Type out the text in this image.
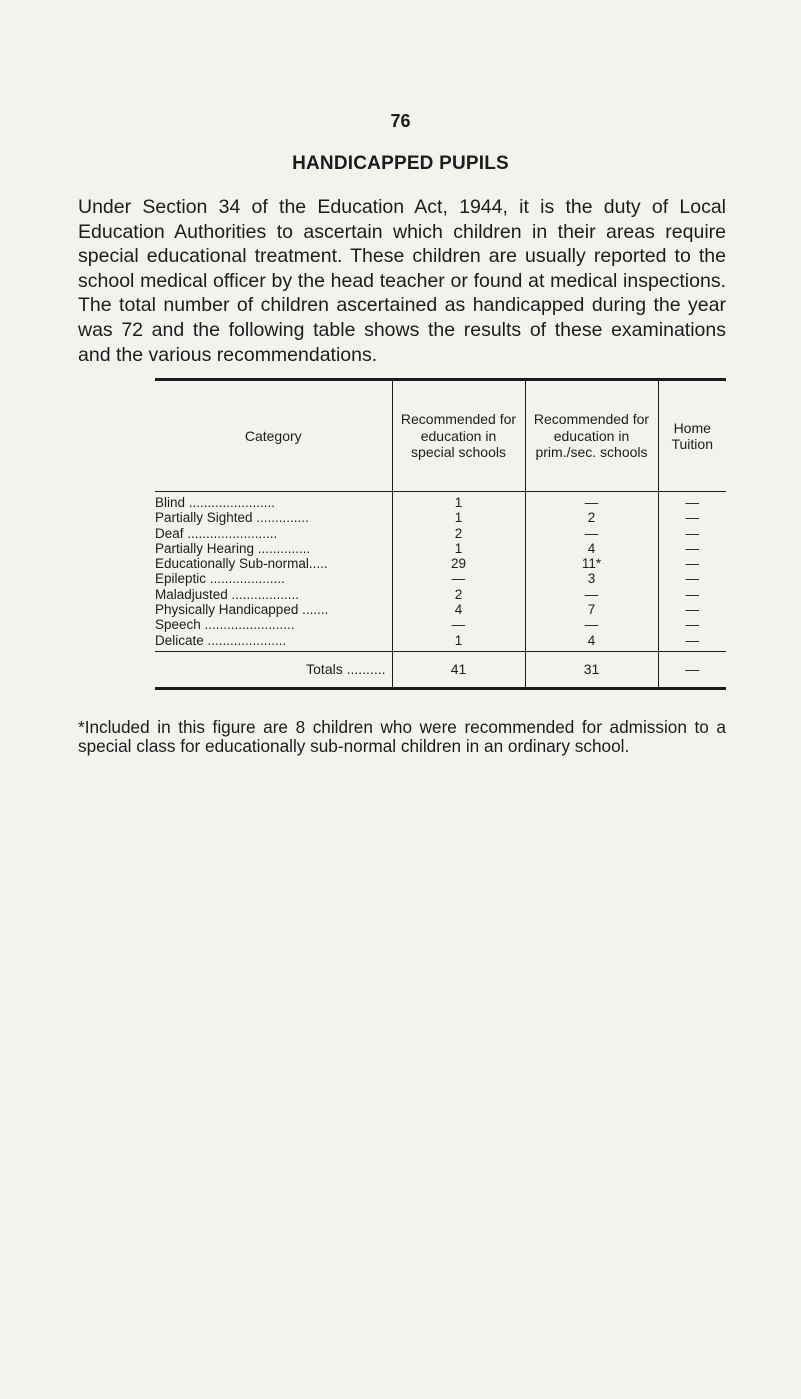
76
HANDICAPPED PUPILS

Under Section 34 of the Education Act, 1944, it is the duty of Local Education Authorities to ascertain which children in their areas require special educational treatment. These children are usually reported to the school medical officer by the head teacher or found at medical inspections. The total number of children ascertained as handicapped during the year was 72 and the following table shows the results of these examinations and the various recommendations.

Category	Recommended for education in special schools	Recommended for education in prim./sec. schools	Home Tuition
Blind .......................	1	—	—
Partially Sighted ..............	1	2	—
Deaf ........................	2	—	—
Partially Hearing ..............	1	4	—
Educationally Sub-normal.....	29	11*	—
Epileptic ....................	—	3	—
Maladjusted ..................	2	—	—
Physically Handicapped .......	4	7	—
Speech ........................	—	—	—
Delicate .....................	1	4	—
Totals ..........	41	31	—

*Included in this figure are 8 children who were recommended for admission to a special class for educationally sub-normal children in an ordinary school.
